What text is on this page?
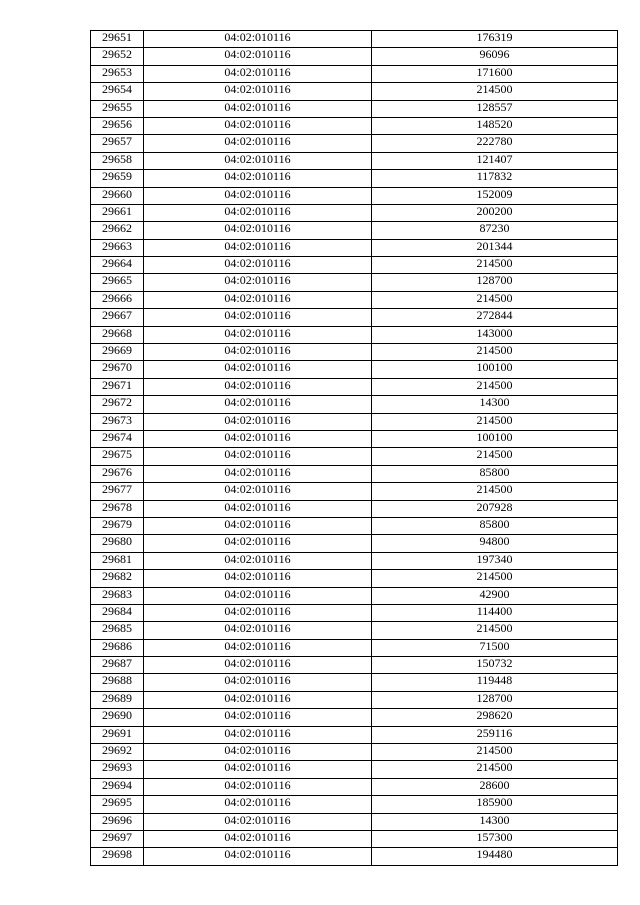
29651	04:02:010116	176319
29652	04:02:010116	96096
29653	04:02:010116	171600
29654	04:02:010116	214500
29655	04:02:010116	128557
29656	04:02:010116	148520
29657	04:02:010116	222780
29658	04:02:010116	121407
29659	04:02:010116	117832
29660	04:02:010116	152009
29661	04:02:010116	200200
29662	04:02:010116	87230
29663	04:02:010116	201344
29664	04:02:010116	214500
29665	04:02:010116	128700
29666	04:02:010116	214500
29667	04:02:010116	272844
29668	04:02:010116	143000
29669	04:02:010116	214500
29670	04:02:010116	100100
29671	04:02:010116	214500
29672	04:02:010116	14300
29673	04:02:010116	214500
29674	04:02:010116	100100
29675	04:02:010116	214500
29676	04:02:010116	85800
29677	04:02:010116	214500
29678	04:02:010116	207928
29679	04:02:010116	85800
29680	04:02:010116	94800
29681	04:02:010116	197340
29682	04:02:010116	214500
29683	04:02:010116	42900
29684	04:02:010116	114400
29685	04:02:010116	214500
29686	04:02:010116	71500
29687	04:02:010116	150732
29688	04:02:010116	119448
29689	04:02:010116	128700
29690	04:02:010116	298620
29691	04:02:010116	259116
29692	04:02:010116	214500
29693	04:02:010116	214500
29694	04:02:010116	28600
29695	04:02:010116	185900
29696	04:02:010116	14300
29697	04:02:010116	157300
29698	04:02:010116	194480
